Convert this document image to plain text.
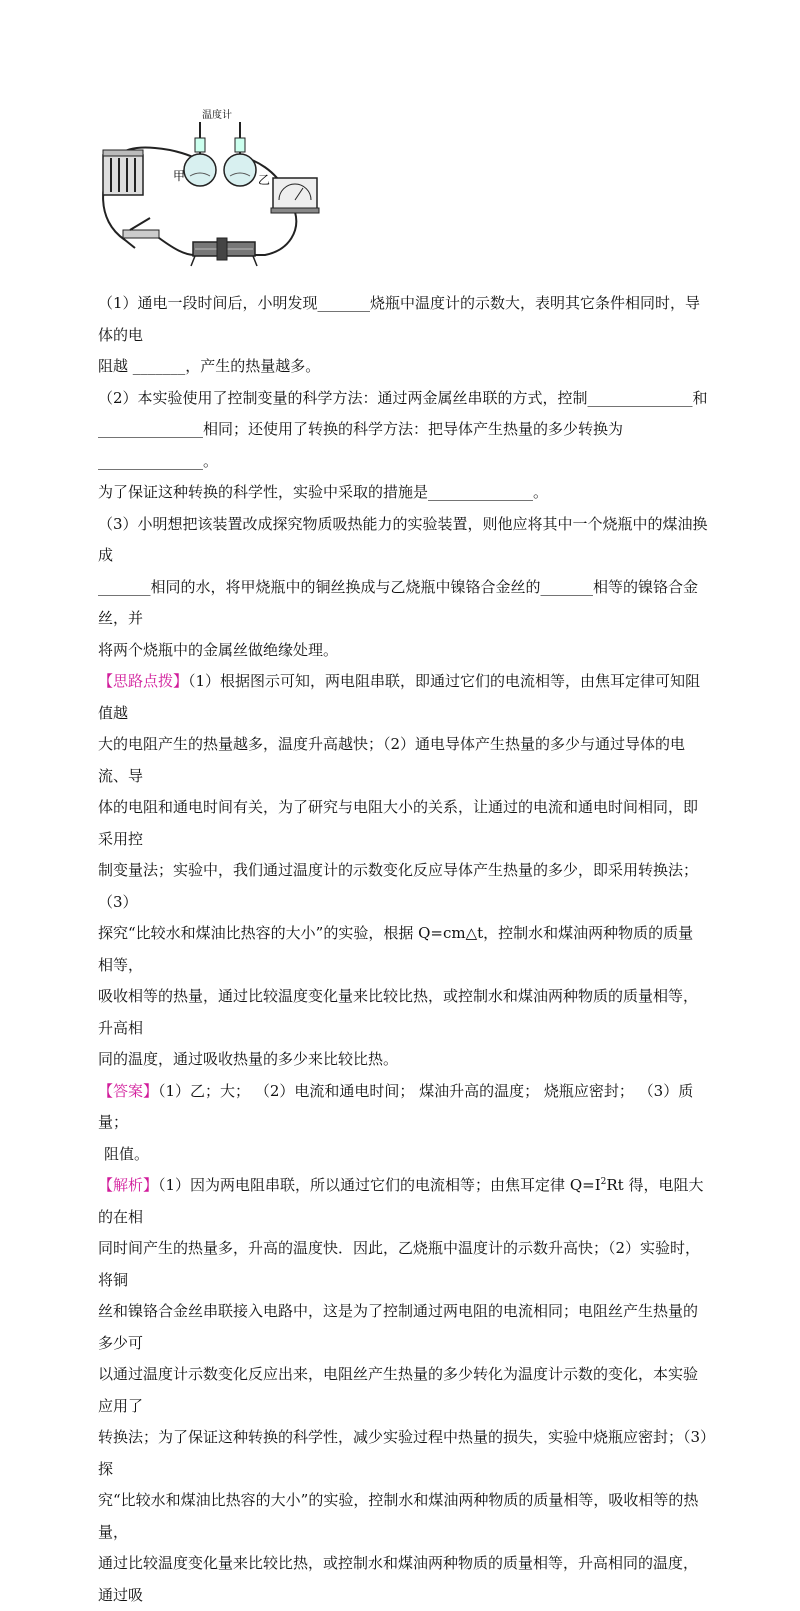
温度计
甲	乙

（1）通电一段时间后，小明发现_______烧瓶中温度计的示数大，表明其它条件相同时，导体的电

阻越 _______，产生的热量越多。

（2）本实验使用了控制变量的科学方法：通过两金属丝串联的方式，控制______________和

______________相同；还使用了转换的科学方法：把导体产生热量的多少转换为______________。

为了保证这种转换的科学性，实验中采取的措施是______________。

（3）小明想把该装置改成探究物质吸热能力的实验装置，则他应将其中一个烧瓶中的煤油换成

_______相同的水，将甲烧瓶中的铜丝换成与乙烧瓶中镍铬合金丝的_______相等的镍铬合金丝，并

将两个烧瓶中的金属丝做绝缘处理。

【思路点拨】（1）根据图示可知，两电阻串联，即通过它们的电流相等，由焦耳定律可知阻值越

大的电阻产生的热量越多，温度升高越快；（2）通电导体产生热量的多少与通过导体的电流、导

体的电阻和通电时间有关，为了研究与电阻大小的关系，让通过的电流和通电时间相同，即采用控

制变量法；实验中，我们通过温度计的示数变化反应导体产生热量的多少，即采用转换法；（3）

探究“比较水和煤油比热容的大小”的实验，根据 Q=cm△t，控制水和煤油两种物质的质量相等，

吸收相等的热量，通过比较温度变化量来比较比热，或控制水和煤油两种物质的质量相等，升高相

同的温度，通过吸收热量的多少来比较比热。

【答案】（1）乙；大； （2）电流和通电时间； 煤油升高的温度； 烧瓶应密封； （3）质量；

阻值。

【解析】（1）因为两电阻串联，所以通过它们的电流相等；由焦耳定律 $Q=I^2Rt$ 得，电阻大的在相

同时间产生的热量多，升高的温度快．因此，乙烧瓶中温度计的示数升高快；（2）实验时，将铜

丝和镍铬合金丝串联接入电路中，这是为了控制通过两电阻的电流相同；电阻丝产生热量的多少可

以通过温度计示数变化反应出来，电阻丝产生热量的多少转化为温度计示数的变化，本实验应用了

转换法；为了保证这种转换的科学性，减少实验过程中热量的损失，实验中烧瓶应密封；（3）探

究“比较水和煤油比热容的大小”的实验，控制水和煤油两种物质的质量相等，吸收相等的热量，

通过比较温度变化量来比较比热，或控制水和煤油两种物质的质量相等，升高相同的温度，通过吸
